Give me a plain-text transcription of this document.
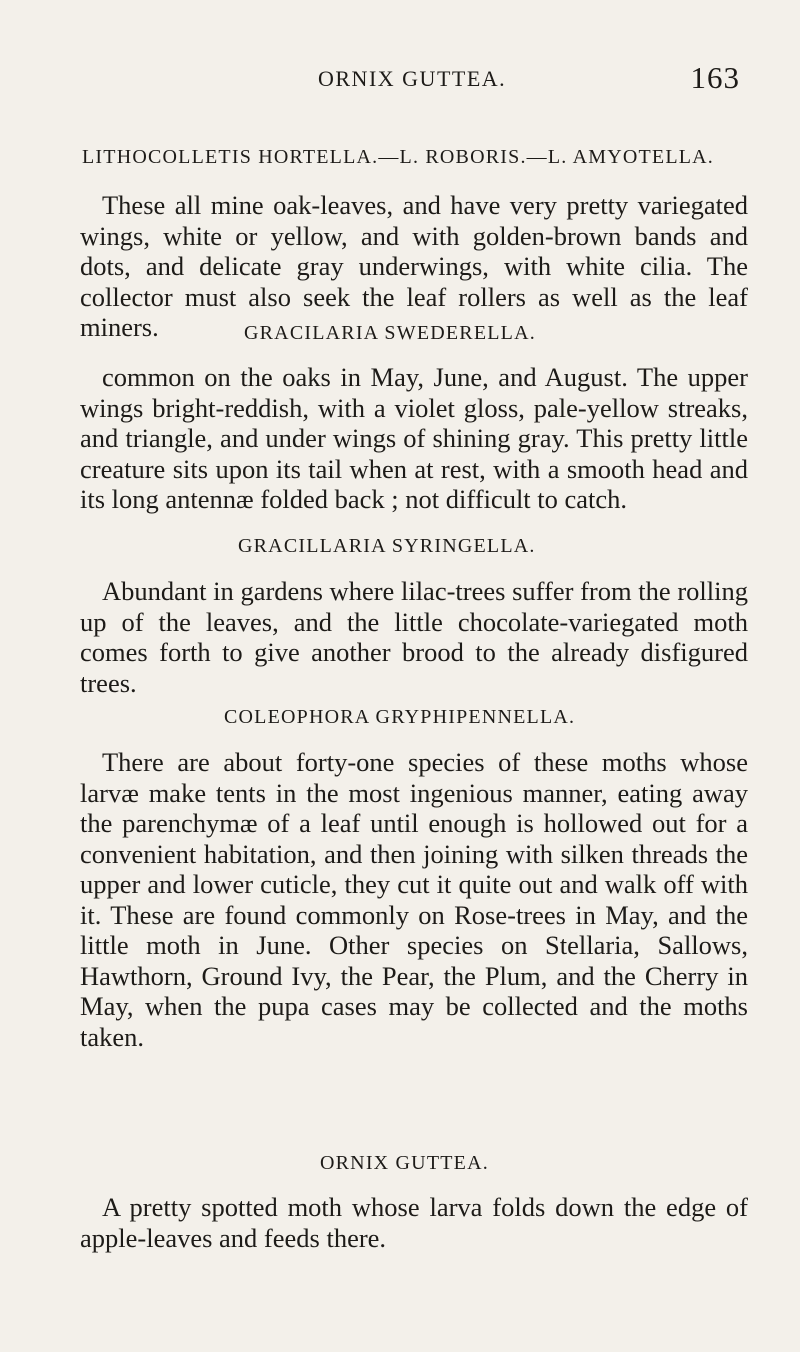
ORNIX GUTTEA.	163
LITHOCOLLETIS HORTELLA.—L. ROBORIS.—L. AMYOTELLA.

These all mine oak-leaves, and have very pretty variegated wings, white or yellow, and with golden-brown bands and dots, and delicate gray underwings, with white cilia. The collector must also seek the leaf rollers as well as the leaf miners.	GRACILARIA SWEDERELLA.

common on the oaks in May, June, and August. The upper wings bright-reddish, with a violet gloss, pale-yellow streaks, and triangle, and under wings of shining gray. This pretty little creature sits upon its tail when at rest, with a smooth head and its long antennæ folded back ; not difficult to catch.

GRACILLARIA SYRINGELLA.

Abundant in gardens where lilac-trees suffer from the rolling up of the leaves, and the little chocolate-variegated moth comes forth to give another brood to the already disfigured trees.

COLEOPHORA GRYPHIPENNELLA.

There are about forty-one species of these moths whose larvæ make tents in the most ingenious manner, eating away the parenchymæ of a leaf until enough is hollowed out for a convenient habitation, and then joining with silken threads the upper and lower cuticle, they cut it quite out and walk off with it. These are found commonly on Rose-trees in May, and the little moth in June. Other species on Stellaria, Sallows, Hawthorn, Ground Ivy, the Pear, the Plum, and the Cherry in May, when the pupa cases may be collected and the moths taken.

ORNIX GUTTEA.

A pretty spotted moth whose larva folds down the edge of apple-leaves and feeds there.
